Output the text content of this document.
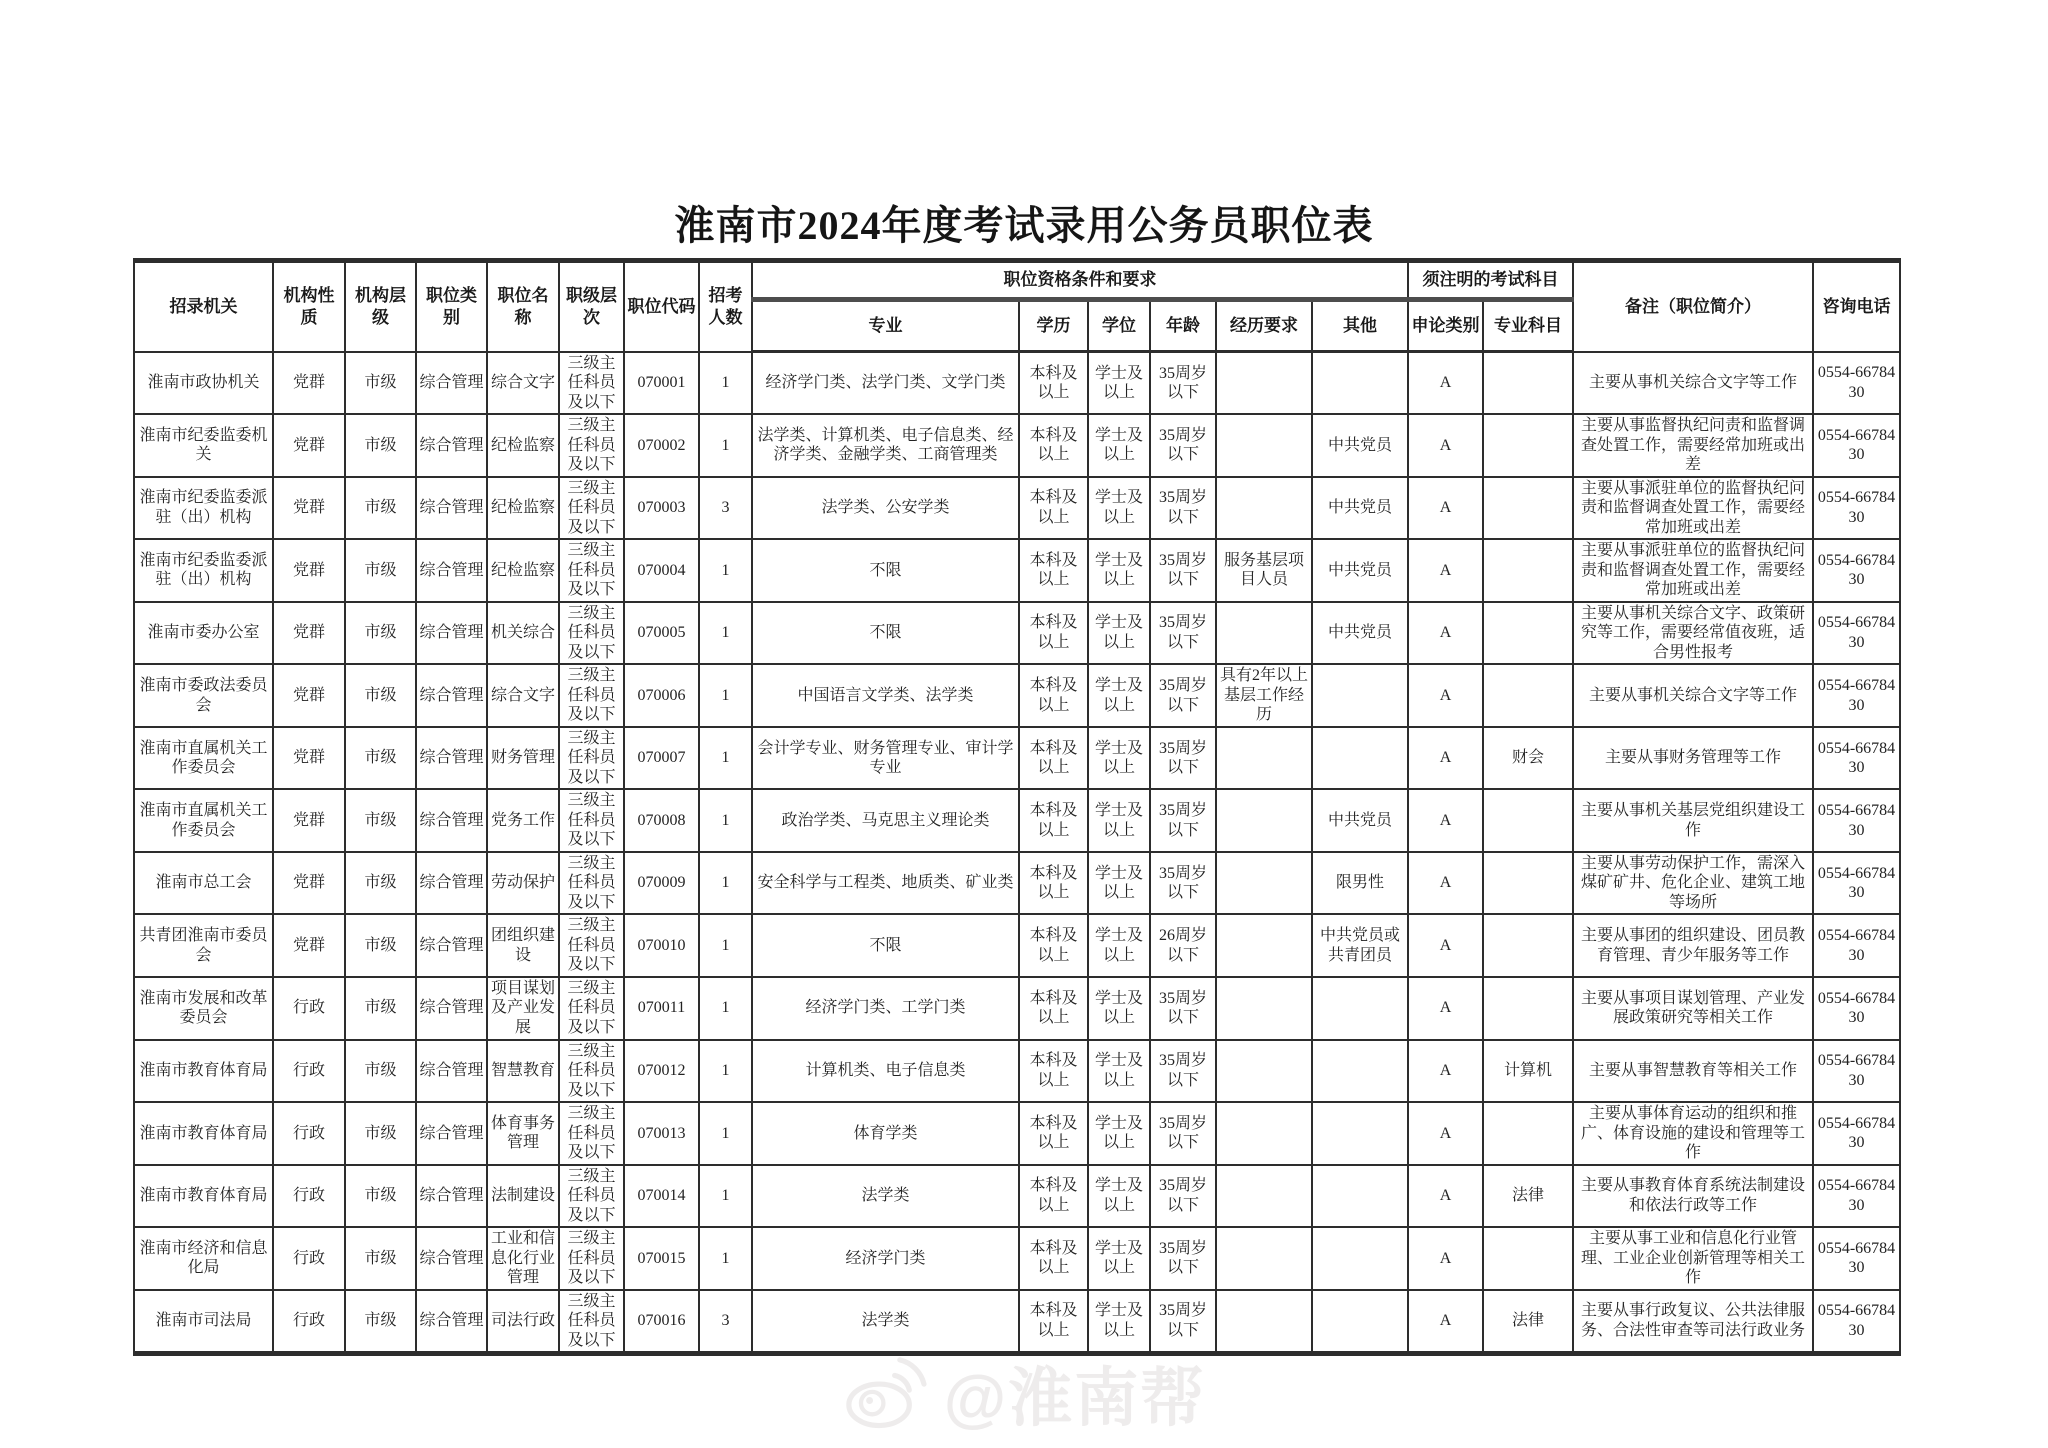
淮南市2024年度考试录用公务员职位表
招录机关	机构性质	机构层级	职位类别	职位名称	职级层次	职位代码	招考人数	职位资格条件和要求						须注明的考试科目		备注（职位简介）	咨询电话
								专业	学历	学位	年龄	经历要求	其他	申论类别	专业科目		
淮南市政协机关	党群	市级	综合管理	综合文字	三级主任科员及以下	070001	1	经济学门类、法学门类、文学门类	本科及以上	学士及以上	35周岁以下			A		主要从事机关综合文字等工作	0554-6678430
淮南市纪委监委机关	党群	市级	综合管理	纪检监察	三级主任科员及以下	070002	1	法学类、计算机类、电子信息类、经济学类、金融学类、工商管理类	本科及以上	学士及以上	35周岁以下		中共党员	A		主要从事监督执纪问责和监督调查处置工作，需要经常加班或出差	0554-6678430
淮南市纪委监委派驻（出）机构	党群	市级	综合管理	纪检监察	三级主任科员及以下	070003	3	法学类、公安学类	本科及以上	学士及以上	35周岁以下		中共党员	A		主要从事派驻单位的监督执纪问责和监督调查处置工作，需要经常加班或出差	0554-6678430
淮南市纪委监委派驻（出）机构	党群	市级	综合管理	纪检监察	三级主任科员及以下	070004	1	不限	本科及以上	学士及以上	35周岁以下	服务基层项目人员	中共党员	A		主要从事派驻单位的监督执纪问责和监督调查处置工作，需要经常加班或出差	0554-6678430
淮南市委办公室	党群	市级	综合管理	机关综合	三级主任科员及以下	070005	1	不限	本科及以上	学士及以上	35周岁以下		中共党员	A		主要从事机关综合文字、政策研究等工作，需要经常值夜班，适合男性报考	0554-6678430
淮南市委政法委员会	党群	市级	综合管理	综合文字	三级主任科员及以下	070006	1	中国语言文学类、法学类	本科及以上	学士及以上	35周岁以下	具有2年以上基层工作经历		A		主要从事机关综合文字等工作	0554-6678430
淮南市直属机关工作委员会	党群	市级	综合管理	财务管理	三级主任科员及以下	070007	1	会计学专业、财务管理专业、审计学专业	本科及以上	学士及以上	35周岁以下			A	财会	主要从事财务管理等工作	0554-6678430
淮南市直属机关工作委员会	党群	市级	综合管理	党务工作	三级主任科员及以下	070008	1	政治学类、马克思主义理论类	本科及以上	学士及以上	35周岁以下		中共党员	A		主要从事机关基层党组织建设工作	0554-6678430
淮南市总工会	党群	市级	综合管理	劳动保护	三级主任科员及以下	070009	1	安全科学与工程类、地质类、矿业类	本科及以上	学士及以上	35周岁以下		限男性	A		主要从事劳动保护工作，需深入煤矿矿井、危化企业、建筑工地等场所	0554-6678430
共青团淮南市委员会	党群	市级	综合管理	团组织建设	三级主任科员及以下	070010	1	不限	本科及以上	学士及以上	26周岁以下		中共党员或共青团员	A		主要从事团的组织建设、团员教育管理、青少年服务等工作	0554-6678430
淮南市发展和改革委员会	行政	市级	综合管理	项目谋划及产业发展	三级主任科员及以下	070011	1	经济学门类、工学门类	本科及以上	学士及以上	35周岁以下			A		主要从事项目谋划管理、产业发展政策研究等相关工作	0554-6678430
淮南市教育体育局	行政	市级	综合管理	智慧教育	三级主任科员及以下	070012	1	计算机类、电子信息类	本科及以上	学士及以上	35周岁以下			A	计算机	主要从事智慧教育等相关工作	0554-6678430
淮南市教育体育局	行政	市级	综合管理	体育事务管理	三级主任科员及以下	070013	1	体育学类	本科及以上	学士及以上	35周岁以下			A		主要从事体育运动的组织和推广、体育设施的建设和管理等工作	0554-6678430
淮南市教育体育局	行政	市级	综合管理	法制建设	三级主任科员及以下	070014	1	法学类	本科及以上	学士及以上	35周岁以下			A	法律	主要从事教育体育系统法制建设和依法行政等工作	0554-6678430
淮南市经济和信息化局	行政	市级	综合管理	工业和信息化行业管理	三级主任科员及以下	070015	1	经济学门类	本科及以上	学士及以上	35周岁以下			A		主要从事工业和信息化行业管理、工业企业创新管理等相关工作	0554-6678430
淮南市司法局	行政	市级	综合管理	司法行政	三级主任科员及以下	070016	3	法学类	本科及以上	学士及以上	35周岁以下			A	法律	主要从事行政复议、公共法律服务、合法性审查等司法行政业务	0554-6678430
@淮南帮
